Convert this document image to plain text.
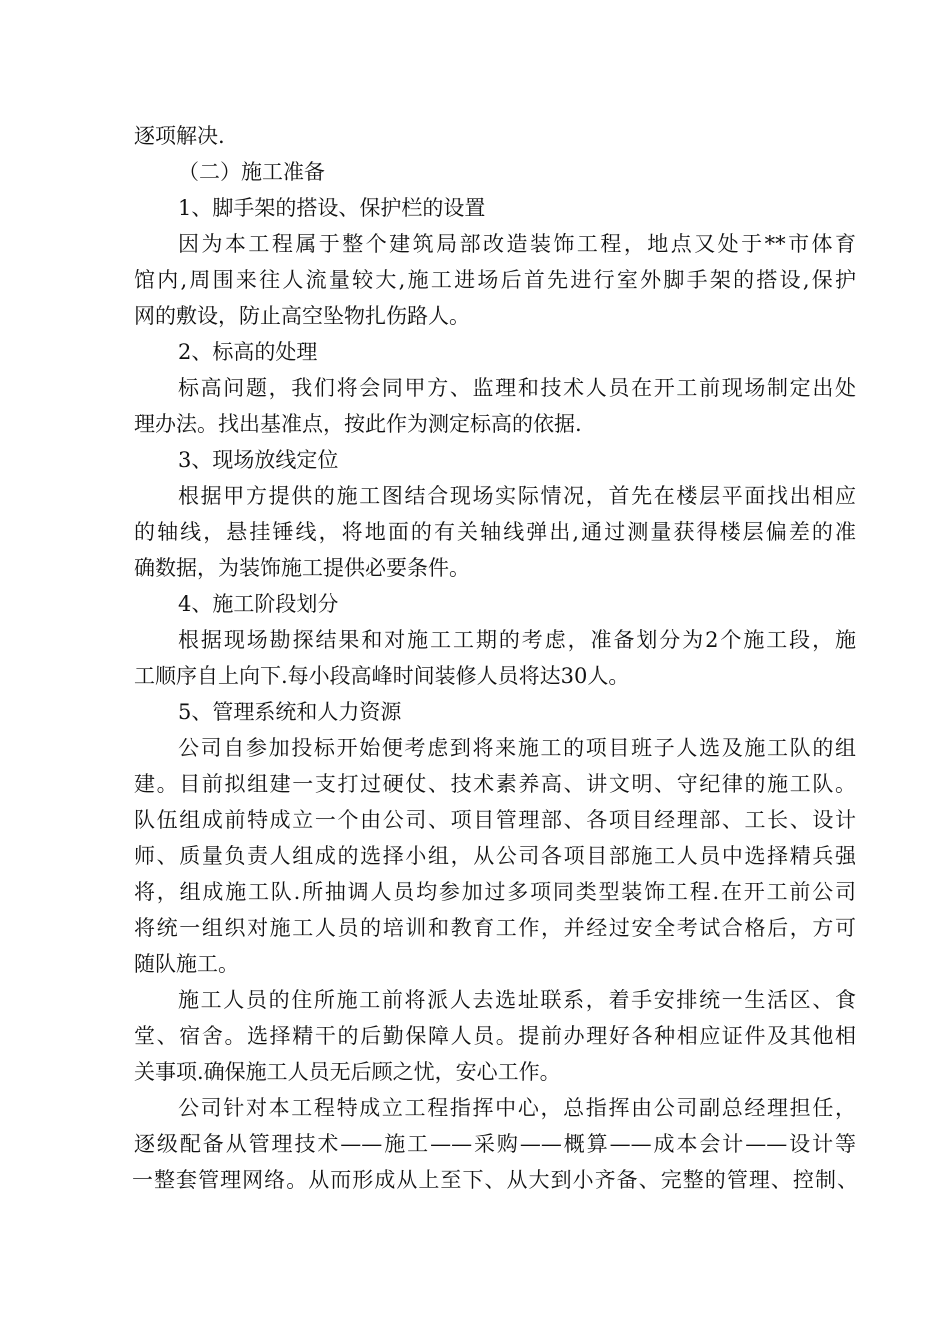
逐项解决.
（二）施工准备
1、脚手架的搭设、保护栏的设置
因为本工程属于整个建筑局部改造装饰工程，地点又处于**市体育
馆内,周围来往人流量较大,施工进场后首先进行室外脚手架的搭设,保护
网的敷设，防止高空坠物扎伤路人。
2、标高的处理
标高问题，我们将会同甲方、监理和技术人员在开工前现场制定出处
理办法。找出基准点，按此作为测定标高的依据.
3、现场放线定位
根据甲方提供的施工图结合现场实际情况，首先在楼层平面找出相应
的轴线，悬挂锤线，将地面的有关轴线弹出,通过测量获得楼层偏差的准
确数据，为装饰施工提供必要条件。
4、施工阶段划分
根据现场勘探结果和对施工工期的考虑，准备划分为2个施工段，施
工顺序自上向下.每小段高峰时间装修人员将达30人。
5、管理系统和人力资源
公司自参加投标开始便考虑到将来施工的项目班子人选及施工队的组
建。目前拟组建一支打过硬仗、技术素养高、讲文明、守纪律的施工队。
队伍组成前特成立一个由公司、项目管理部、各项目经理部、工长、设计
师、质量负责人组成的选择小组，从公司各项目部施工人员中选择精兵强
将，组成施工队.所抽调人员均参加过多项同类型装饰工程.在开工前公司
将统一组织对施工人员的培训和教育工作，并经过安全考试合格后，方可
随队施工。
施工人员的住所施工前将派人去选址联系，着手安排统一生活区、食
堂、宿舍。选择精干的后勤保障人员。提前办理好各种相应证件及其他相
关事项.确保施工人员无后顾之忧，安心工作。
公司针对本工程特成立工程指挥中心，总指挥由公司副总经理担任，
逐级配备从管理技术——施工——采购——概算——成本会计——设计等
一整套管理网络。从而形成从上至下、从大到小齐备、完整的管理、控制、
